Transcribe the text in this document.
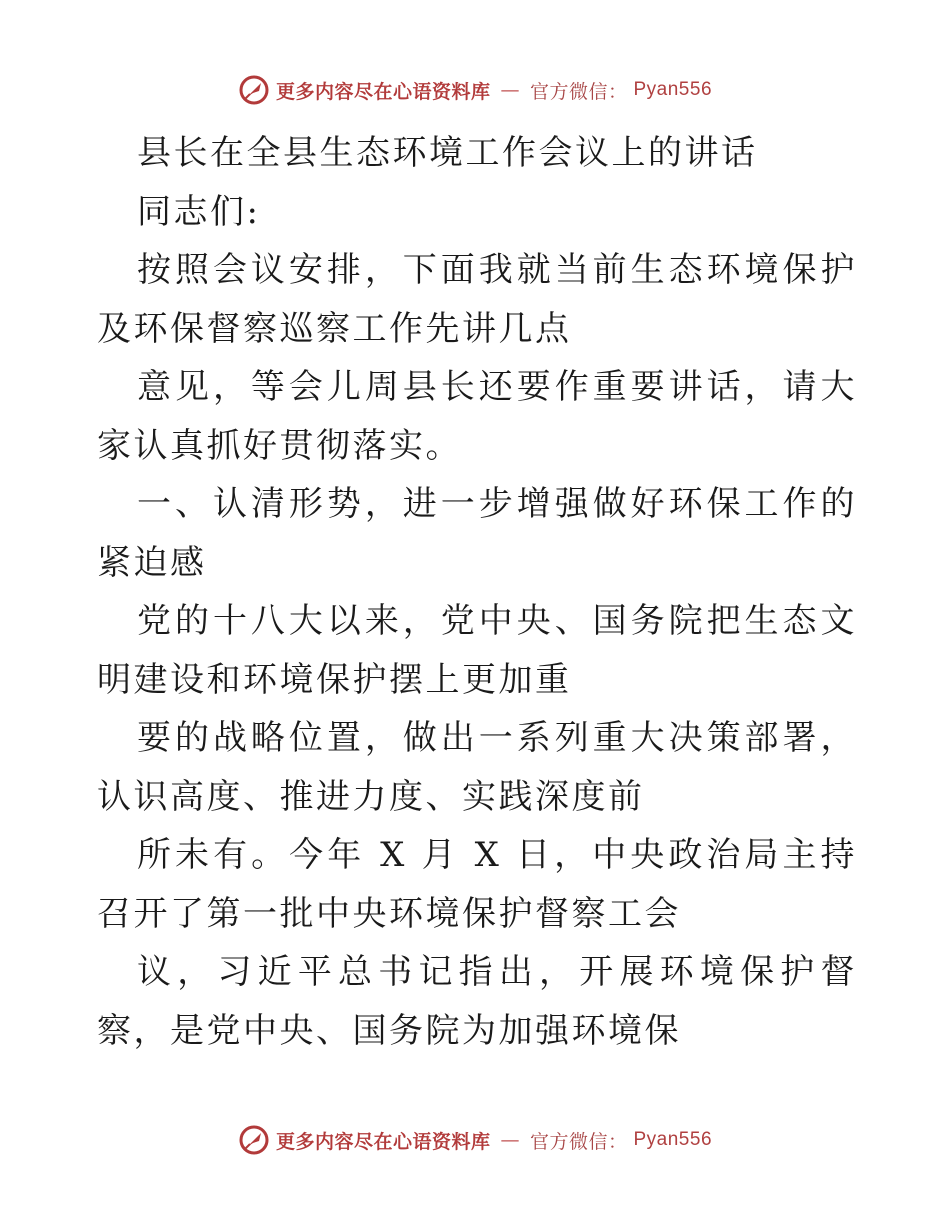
更多内容尽在心语资料库 — 官方微信： Pyan556

县长在全县生态环境工作会议上的讲话

同志们:

按照会议安排，下面我就当前生态环境保护及环保督察巡察工作先讲几点

意见，等会儿周县长还要作重要讲话，请大家认真抓好贯彻落实。

一、认清形势，进一步增强做好环保工作的紧迫感

党的十八大以来，党中央、国务院把生态文明建设和环境保护摆上更加重

要的战略位置，做出一系列重大决策部署，认识高度、推进力度、实践深度前

所未有。今年 X 月 X 日，中央政治局主持召开了第一批中央环境保护督察工会

议，习近平总书记指出，开展环境保护督察，是党中央、国务院为加强环境保

更多内容尽在心语资料库 — 官方微信： Pyan556
